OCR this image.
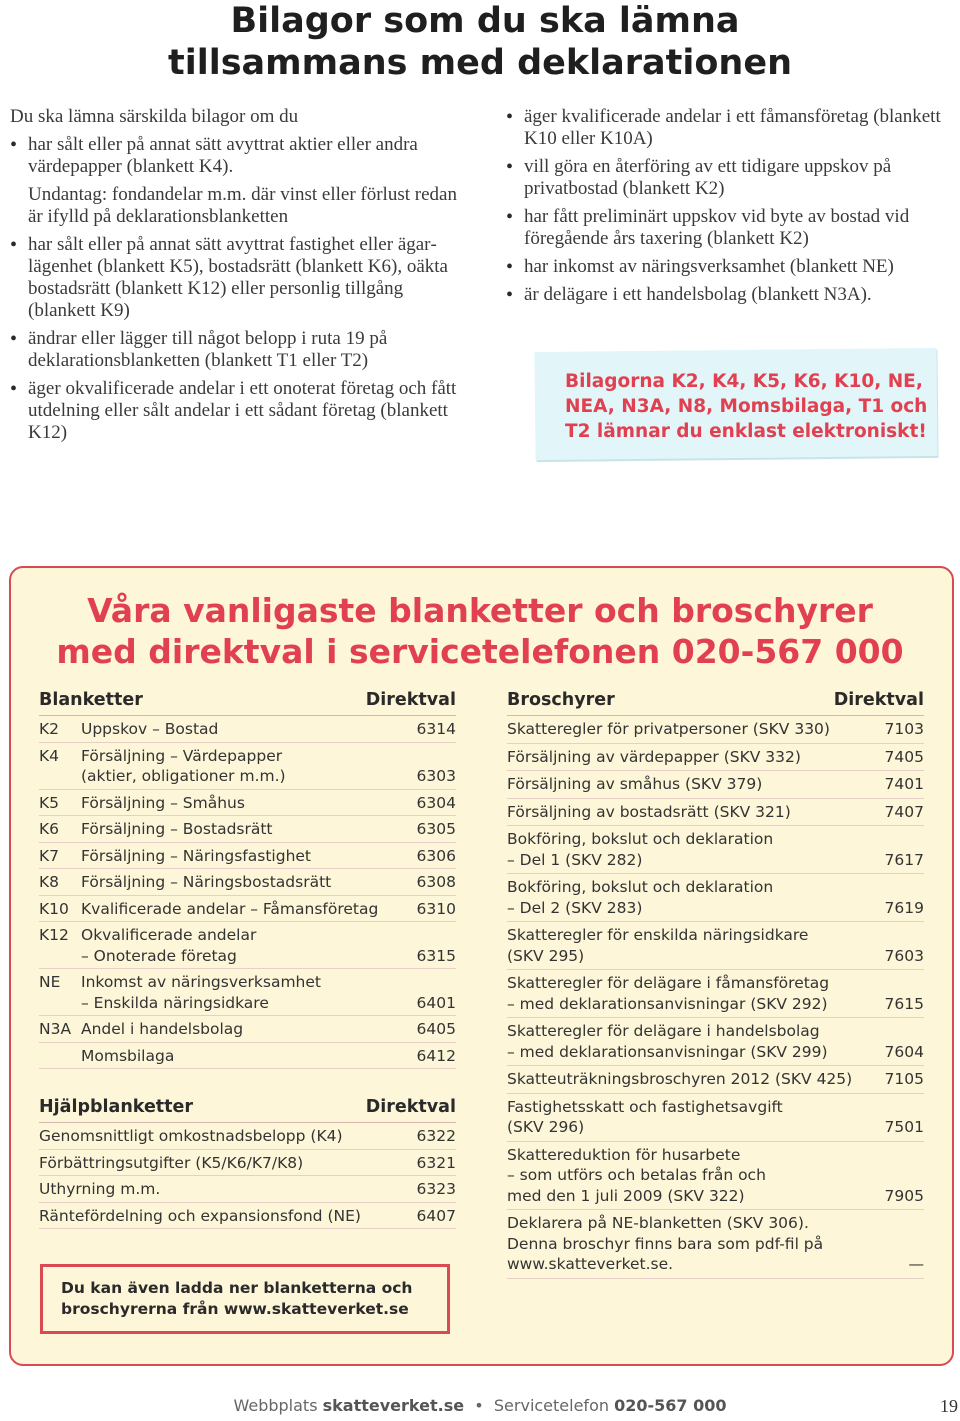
Bilagor som du ska lämna
tillsammans med deklarationen
Du ska lämna särskilda bilagor om du
• har sålt eller på annat sätt avyttrat aktier eller andra värdepapper (blankett K4).
Undantag: fondandelar m.m. där vinst eller förlust redan är ifylld på deklarationsblanketten
• har sålt eller på annat sätt avyttrat fastighet eller ägarlägenhet (blankett K5), bostadsrätt (blankett K6), oäkta bostadsrätt (blankett K12) eller personlig tillgång (blankett K9)
• ändrar eller lägger till något belopp i ruta 19 på deklarationsblanketten (blankett T1 eller T2)
• äger okvalificerade andelar i ett onoterat företag och fått utdelning eller sålt andelar i ett sådant företag (blankett K12)
• äger kvalificerade andelar i ett fåmansföretag (blankett K10 eller K10A)
• vill göra en återföring av ett tidigare uppskov på privatbostad (blankett K2)
• har fått preliminärt uppskov vid byte av bostad vid föregående års taxering (blankett K2)
• har inkomst av näringsverksamhet (blankett NE)
• är delägare i ett handelsbolag (blankett N3A).
Bilagorna K2, K4, K5, K6, K10, NE, NEA, N3A, N8, Momsbilaga, T1 och T2 lämnar du enklast elektroniskt!
Våra vanligaste blanketter och broschyrer
med direktval i servicetelefonen 020-567 000
Blanketter	Direktval
K2	Uppskov – Bostad	6314
K4	Försäljning – Värdepapper
(aktier, obligationer m.m.)	6303
K5	Försäljning – Småhus	6304
K6	Försäljning – Bostadsrätt	6305
K7	Försäljning – Näringsfastighet	6306
K8	Försäljning – Näringsbostadsrätt	6308
K10 Kvalificerade andelar – Fåmansföretag	6310
K12 Okvalificerade andelar
– Onoterade företag	6315
NE	Inkomst av näringsverksamhet
– Enskilda näringsidkare	6401
N3A Andel i handelsbolag	6405
Momsbilaga	6412
Hjälpblanketter	Direktval
Genomsnittligt omkostnadsbelopp (K4)	6322
Förbättringsutgifter (K5/K6/K7/K8)	6321
Uthyrning m.m.	6323
Räntefördelning och expansionsfond (NE)	6407
Du kan även ladda ner blanketterna och broschyrerna från www.skatteverket.se
Broschyrer	Direktval
Skatteregler för privatpersoner (SKV 330)	7103
Försäljning av värdepapper (SKV 332)	7405
Försäljning av småhus (SKV 379)	7401
Försäljning av bostadsrätt (SKV 321)	7407
Bokföring, bokslut och deklaration
– Del 1 (SKV 282)	7617
Bokföring, bokslut och deklaration
– Del 2 (SKV 283)	7619
Skatteregler för enskilda näringsidkare
(SKV 295)	7603
Skatteregler för delägare i fåmansföretag
– med deklarationsanvisningar (SKV 292)	7615
Skatteregler för delägare i handelsbolag
– med deklarationsanvisningar (SKV 299)	7604
Skatteuträkningsbroschyren 2012 (SKV 425)	7105
Fastighetsskatt och fastighetsavgift
(SKV 296)	7501
Skattereduktion för husarbete
– som utförs och betalas från och
med den 1 juli 2009 (SKV 322)	7905
Deklarera på NE-blanketten (SKV 306).
Denna broschyr finns bara som pdf-fil på
www.skatteverket.se.	—
Webbplats skatteverket.se  •  Servicetelefon 020-567 000	19
